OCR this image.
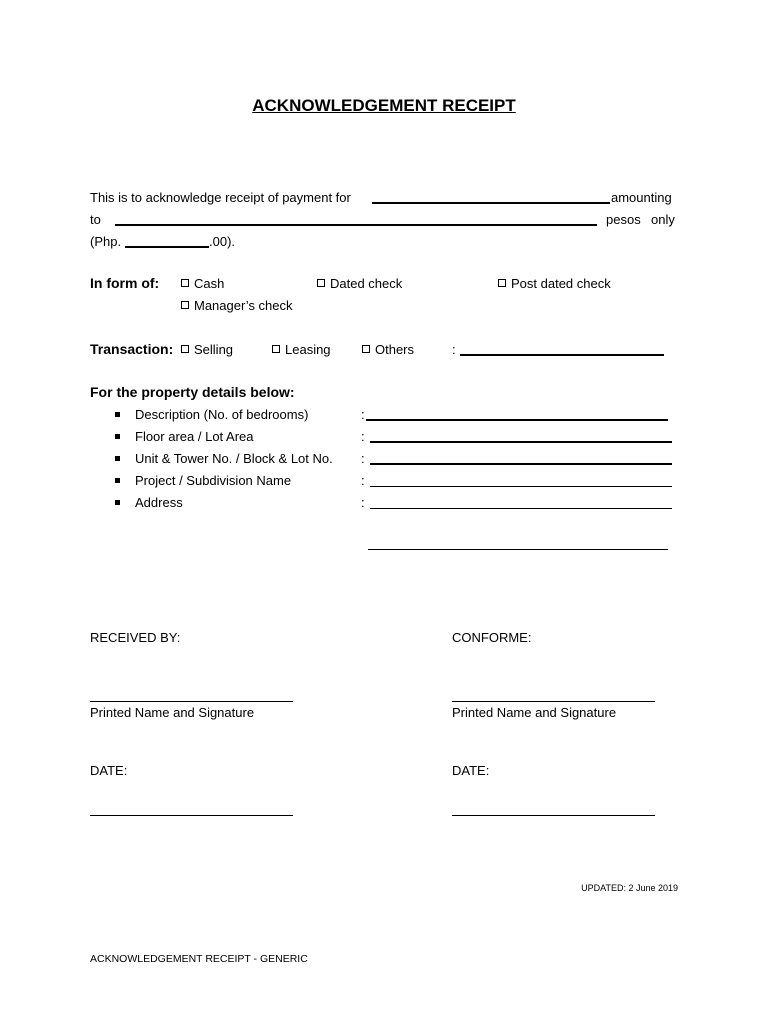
ACKNOWLEDGEMENT RECEIPT
This is to acknowledge receipt of payment for	amounting
to	pesos only
(Php.	.00).
In form of:	Cash	Dated check	Post dated check
Manager’s check
Transaction:	Selling	Leasing	Others	:
For the property details below:
Description (No. of bedrooms)	:
Floor area / Lot Area	:
Unit & Tower No. / Block & Lot No. :
Project / Subdivision Name	:
Address	:
RECEIVED BY:	CONFORME:
Printed Name and Signature	Printed Name and Signature
DATE:	DATE:
UPDATED: 2 June 2019
ACKNOWLEDGEMENT RECEIPT - GENERIC
